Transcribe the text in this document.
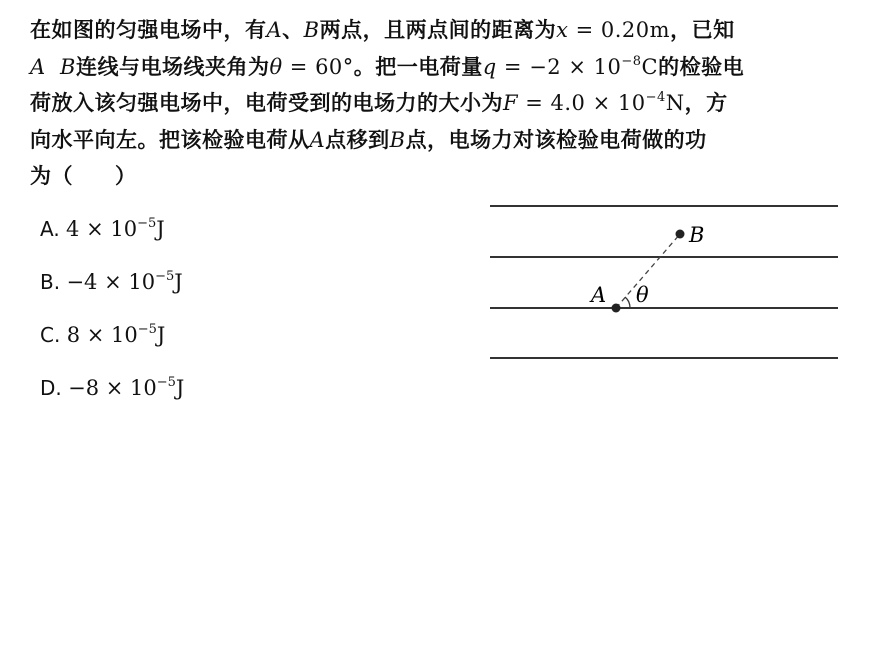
在如图的匀强电场中，有A、B两点，且两点间的距离为x = 0.20m，已知
A B连线与电场线夹角为θ = 60°。把一电荷量$q = -2 \times 10^{-8}C$的检验电
荷放入该匀强电场中，电荷受到的电场力的大小为$F = 4.0 \times 10^{-4}N$，方
向水平向左。把该检验电荷从A点移到B点，电场力对该检验电荷做的功
为（ ）
A. $4 \times 10^{-5}J$
B. $-4 \times 10^{-5}J$
C. $8 \times 10^{-5}J$
D. $-8 \times 10^{-5}J$
A
B
θ
